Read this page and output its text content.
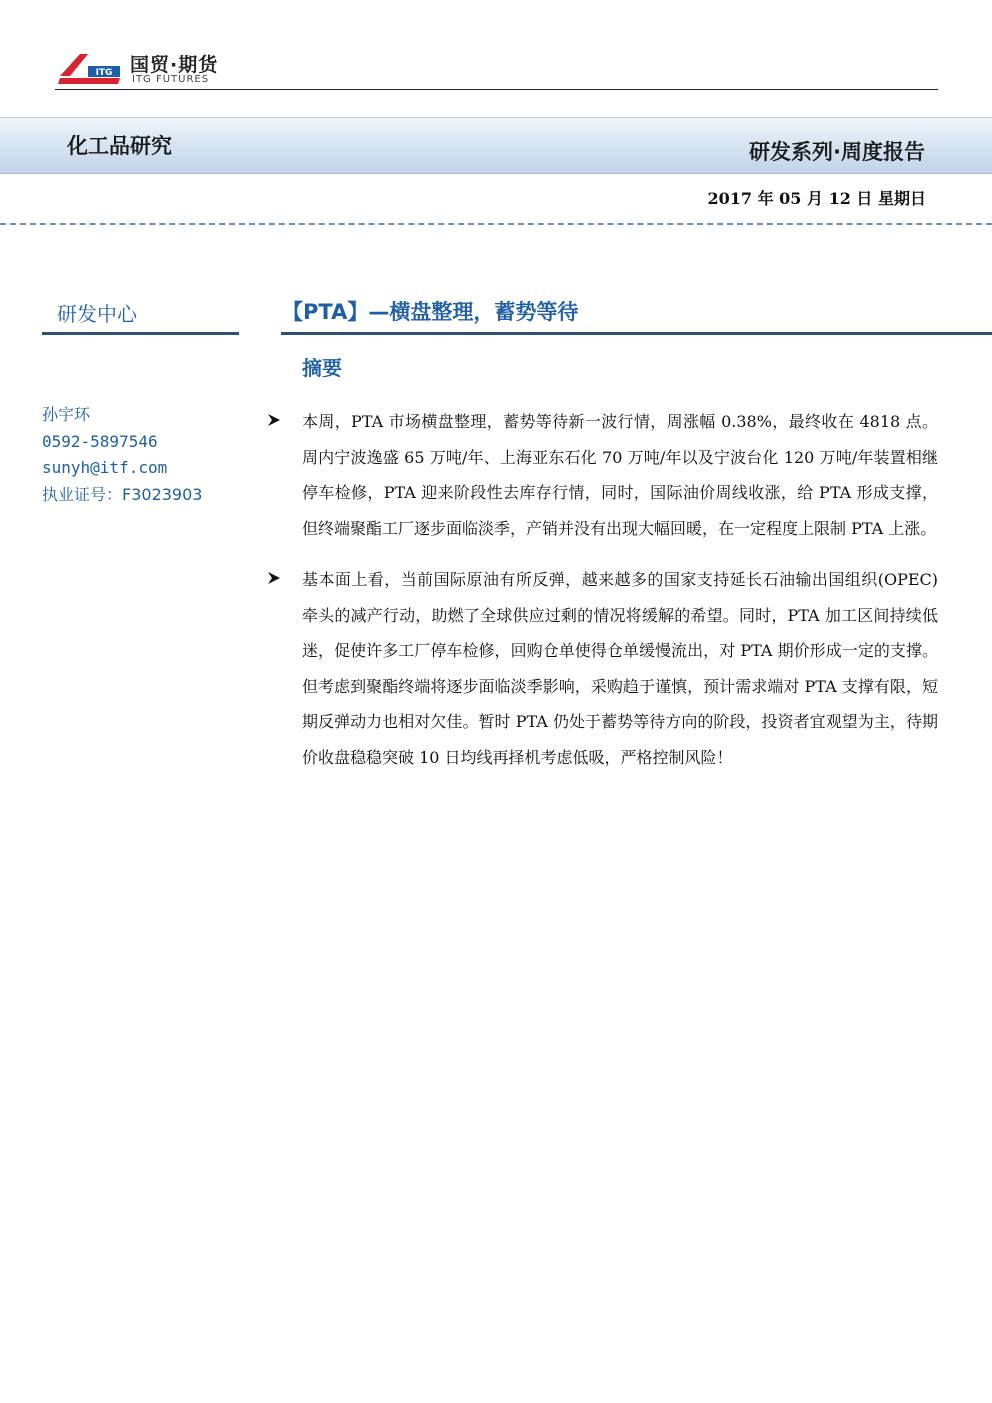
ITG 国贸·期货
ITG FUTURES
化工品研究	研发系列·周度报告
2017 年 05 月 12 日 星期日
研发中心	【PTA】—横盘整理，蓄势等待
摘要
孙宇环
0592-5897546
sunyh@itf.com
执业证号：F3023903
本周，PTA 市场横盘整理，蓄势等待新一波行情，周涨幅 0.38%，最终收在 4818 点。周内宁波逸盛 65 万吨/年、上海亚东石化 70 万吨/年以及宁波台化 120 万吨/年装置相继停车检修，PTA 迎来阶段性去库存行情，同时，国际油价周线收涨，给 PTA 形成支撑，但终端聚酯工厂逐步面临淡季，产销并没有出现大幅回暖，在一定程度上限制 PTA 上涨。
基本面上看，当前国际原油有所反弹，越来越多的国家支持延长石油输出国组织(OPEC)牵头的减产行动，助燃了全球供应过剩的情况将缓解的希望。同时，PTA 加工区间持续低迷，促使许多工厂停车检修，回购仓单使得仓单缓慢流出，对 PTA 期价形成一定的支撑。但考虑到聚酯终端将逐步面临淡季影响，采购趋于谨慎，预计需求端对 PTA 支撑有限，短期反弹动力也相对欠佳。暂时 PTA 仍处于蓄势等待方向的阶段，投资者宜观望为主，待期价收盘稳稳突破 10 日均线再择机考虑低吸，严格控制风险！
